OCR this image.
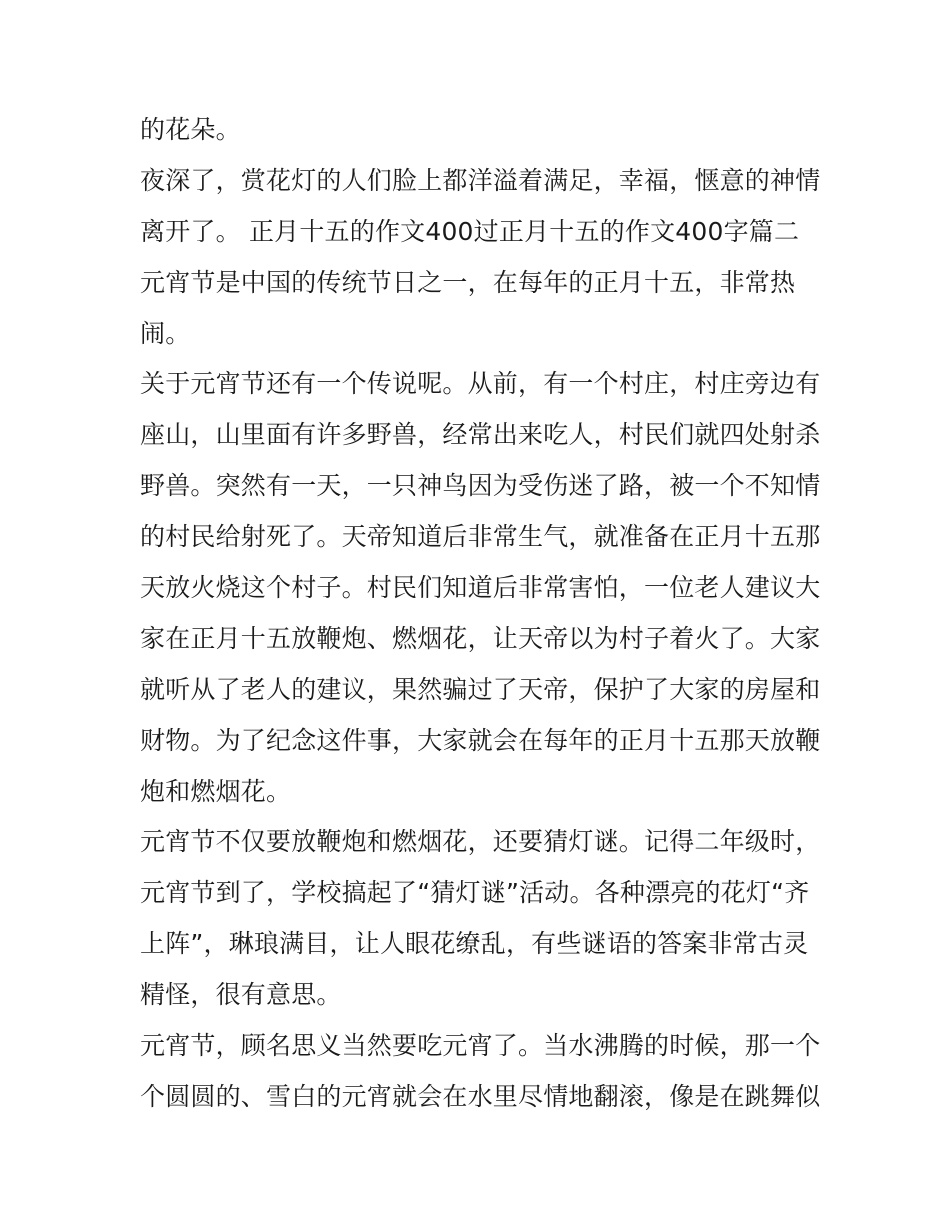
的花朵。
夜深了，赏花灯的人们脸上都洋溢着满足，幸福，惬意的神情
离开了。 正月十五的作文400过正月十五的作文400字篇二
元宵节是中国的传统节日之一，在每年的正月十五，非常热
闹。
关于元宵节还有一个传说呢。从前，有一个村庄，村庄旁边有
座山，山里面有许多野兽，经常出来吃人，村民们就四处射杀
野兽。突然有一天，一只神鸟因为受伤迷了路，被一个不知情
的村民给射死了。天帝知道后非常生气，就准备在正月十五那
天放火烧这个村子。村民们知道后非常害怕，一位老人建议大
家在正月十五放鞭炮、燃烟花，让天帝以为村子着火了。大家
就听从了老人的建议，果然骗过了天帝，保护了大家的房屋和
财物。为了纪念这件事，大家就会在每年的正月十五那天放鞭
炮和燃烟花。
元宵节不仅要放鞭炮和燃烟花，还要猜灯谜。记得二年级时，
元宵节到了，学校搞起了“猜灯谜”活动。各种漂亮的花灯“齐
上阵”，琳琅满目，让人眼花缭乱，有些谜语的答案非常古灵
精怪，很有意思。
元宵节，顾名思义当然要吃元宵了。当水沸腾的时候，那一个
个圆圆的、雪白的元宵就会在水里尽情地翻滚，像是在跳舞似
